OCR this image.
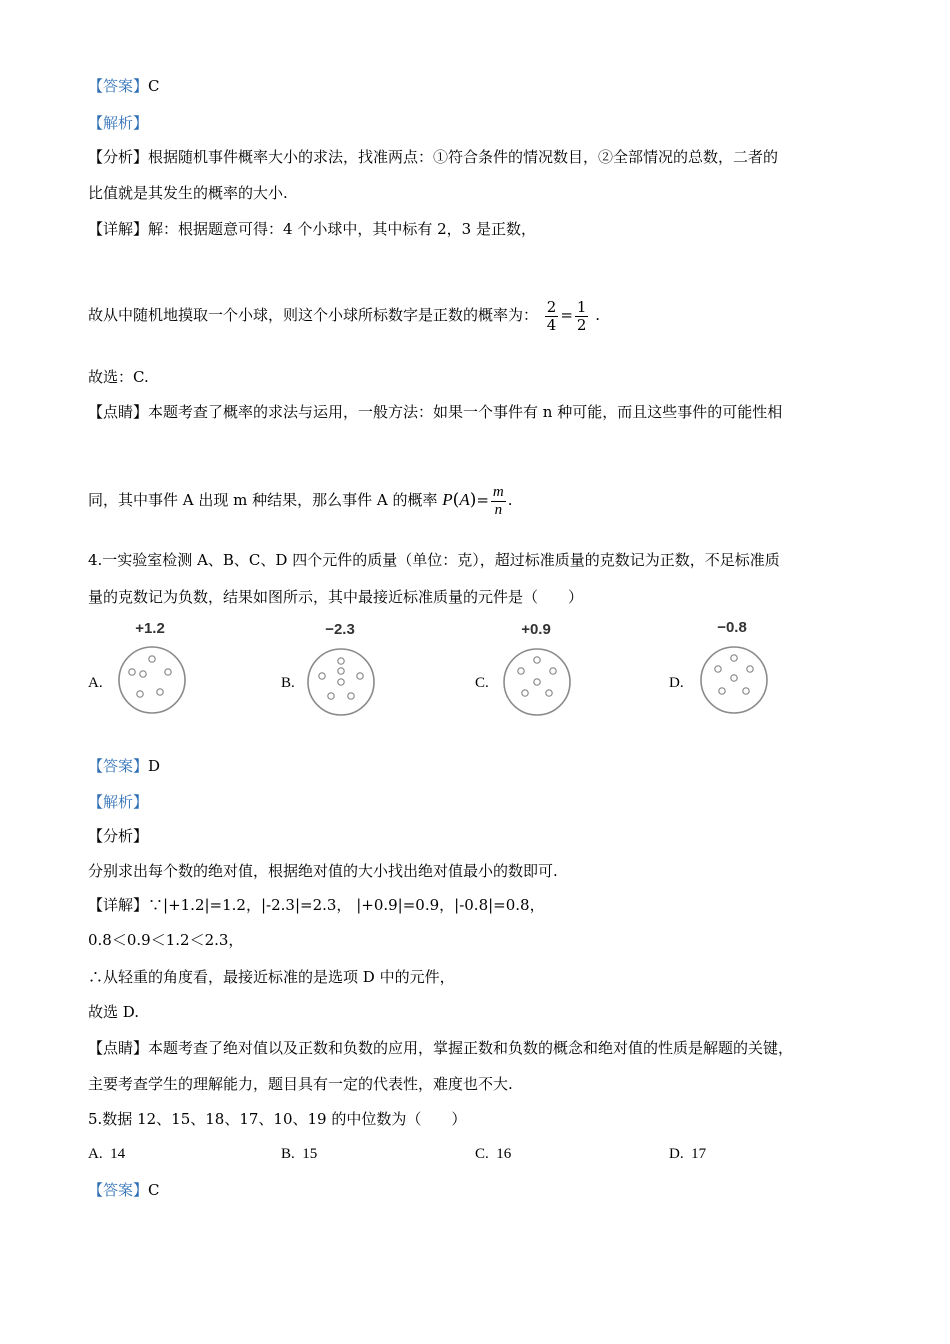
【答案】C
【解析】
【分析】根据随机事件概率大小的求法，找准两点：①符合条件的情况数目，②全部情况的总数，二者的
比值就是其发生的概率的大小.
【详解】解：根据题意可得：4 个小球中，其中标有 2，3 是正数，
故从中随机地摸取一个小球，则这个小球所标数字是正数的概率为： $\frac{2}{4} = \frac{1}{2}$ .
故选：C.
【点睛】本题考查了概率的求法与运用，一般方法：如果一个事件有 n 种可能，而且这些事件的可能性相
同，其中事件 A 出现 m 种结果，那么事件 A 的概率 $P(A)= \frac{m}{n}$ .
4.一实验室检测 A、B、C、D 四个元件的质量（单位：克），超过标准质量的克数记为正数，不足标准质
量的克数记为负数，结果如图所示，其中最接近标准质量的元件是（　　）
A.
+1.2
B.
−2.3
C.
+0.9
D.
−0.8
【答案】D
【解析】
【分析】
分别求出每个数的绝对值，根据绝对值的大小找出绝对值最小的数即可.
【详解】∵|+1.2|=1.2，|-2.3|=2.3， |+0.9|=0.9，|-0.8|=0.8，
0.8＜0.9＜1.2＜2.3，
∴从轻重的角度看，最接近标准的是选项 D 中的元件，
故选 D.
【点睛】本题考查了绝对值以及正数和负数的应用，掌握正数和负数的概念和绝对值的性质是解题的关键，
主要考查学生的理解能力，题目具有一定的代表性，难度也不大.
5.数据 12、15、18、17、10、19 的中位数为（　　）
A. 14	B. 15	C. 16	D. 17
【答案】C
